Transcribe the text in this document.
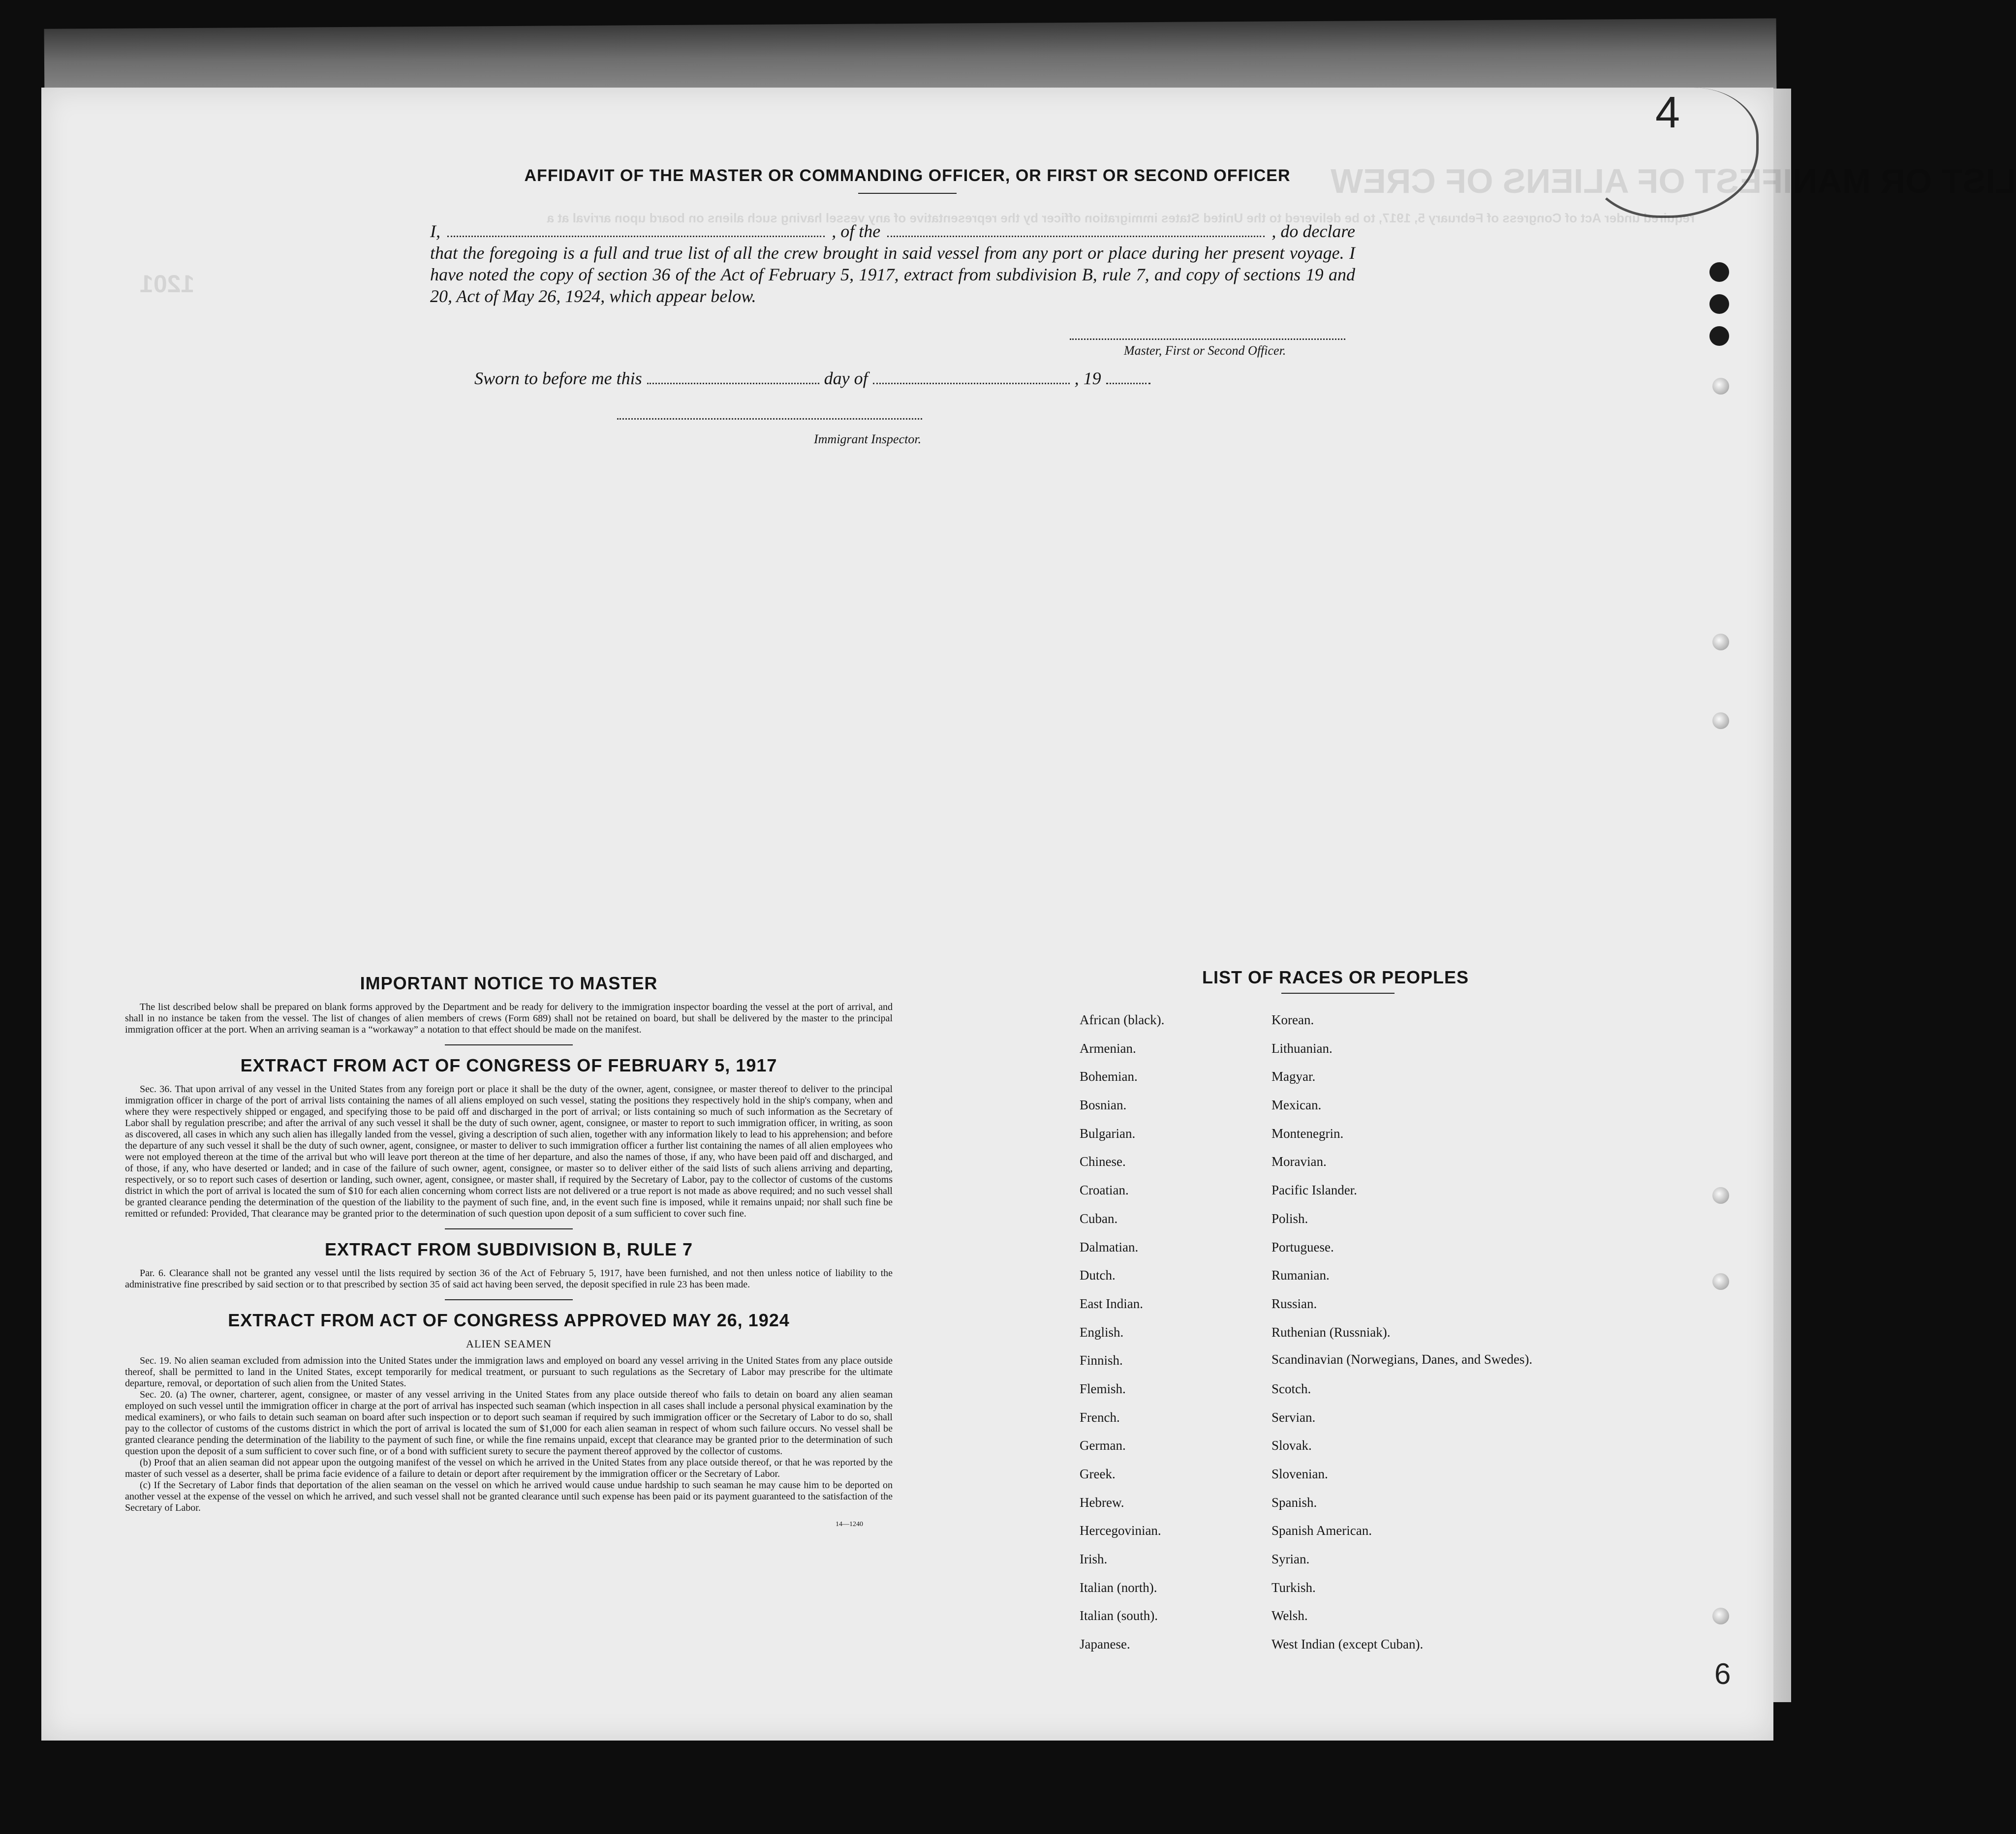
LIST OR MANIFEST OF ALIENS OF CREW
required under Act of Congress of February 5, 1917, to be delivered to the United States immigration officer by the representative of any vessel having such aliens on board upon arrival at a
1201
AFFIDAVIT OF THE MASTER OR COMMANDING OFFICER, OR FIRST OR SECOND OFFICER
I,	, of the	, do declare
that the foregoing is a full and true list of all the crew brought in said vessel from any port or place during her present voyage. I have noted the copy of section 36 of the Act of February 5, 1917, extract from subdivision B, rule 7, and copy of sections 19 and 20, Act of May 26, 1924, which appear below.
Master, First or Second Officer.
Sworn to before me this	day of	, 19
Immigrant Inspector.
IMPORTANT NOTICE TO MASTER

The list described below shall be prepared on blank forms approved by the Department and be ready for delivery to the immigration inspector boarding the vessel at the port of arrival, and shall in no instance be taken from the vessel. The list of changes of alien members of crews (Form 689) shall not be retained on board, but shall be delivered by the master to the principal immigration officer at the port. When an arriving seaman is a “workaway” a notation to that effect should be made on the manifest.

EXTRACT FROM ACT OF CONGRESS OF FEBRUARY 5, 1917

Sec. 36. That upon arrival of any vessel in the United States from any foreign port or place it shall be the duty of the owner, agent, consignee, or master thereof to deliver to the principal immigration officer in charge of the port of arrival lists containing the names of all aliens employed on such vessel, stating the positions they respectively hold in the ship's company, when and where they were respectively shipped or engaged, and specifying those to be paid off and discharged in the port of arrival; or lists containing so much of such information as the Secretary of Labor shall by regulation prescribe; and after the arrival of any such vessel it shall be the duty of such owner, agent, consignee, or master to report to such immigration officer, in writing, as soon as discovered, all cases in which any such alien has illegally landed from the vessel, giving a description of such alien, together with any information likely to lead to his apprehension; and before the departure of any such vessel it shall be the duty of such owner, agent, consignee, or master to deliver to such immigration officer a further list containing the names of all alien employees who were not employed thereon at the time of the arrival but who will leave port thereon at the time of her departure, and also the names of those, if any, who have been paid off and discharged, and of those, if any, who have deserted or landed; and in case of the failure of such owner, agent, consignee, or master so to deliver either of the said lists of such aliens arriving and departing, respectively, or so to report such cases of desertion or landing, such owner, agent, consignee, or master shall, if required by the Secretary of Labor, pay to the collector of customs of the customs district in which the port of arrival is located the sum of $10 for each alien concerning whom correct lists are not delivered or a true report is not made as above required; and no such vessel shall be granted clearance pending the determination of the question of the liability to the payment of such fine, and, in the event such fine is imposed, while it remains unpaid; nor shall such fine be remitted or refunded: Provided, That clearance may be granted prior to the determination of such question upon deposit of a sum sufficient to cover such fine.

EXTRACT FROM SUBDIVISION B, RULE 7

Par. 6. Clearance shall not be granted any vessel until the lists required by section 36 of the Act of February 5, 1917, have been furnished, and not then unless notice of liability to the administrative fine prescribed by said section or to that prescribed by section 35 of said act having been served, the deposit specified in rule 23 has been made.

EXTRACT FROM ACT OF CONGRESS APPROVED MAY 26, 1924
ALIEN SEAMEN

Sec. 19. No alien seaman excluded from admission into the United States under the immigration laws and employed on board any vessel arriving in the United States from any place outside thereof, shall be permitted to land in the United States, except temporarily for medical treatment, or pursuant to such regulations as the Secretary of Labor may prescribe for the ultimate departure, removal, or deportation of such alien from the United States.

Sec. 20. (a) The owner, charterer, agent, consignee, or master of any vessel arriving in the United States from any place outside thereof who fails to detain on board any alien seaman employed on such vessel until the immigration officer in charge at the port of arrival has inspected such seaman (which inspection in all cases shall include a personal physical examination by the medical examiners), or who fails to detain such seaman on board after such inspection or to deport such seaman if required by such immigration officer or the Secretary of Labor to do so, shall pay to the collector of customs of the customs district in which the port of arrival is located the sum of $1,000 for each alien seaman in respect of whom such failure occurs. No vessel shall be granted clearance pending the determination of the liability to the payment of such fine, or while the fine remains unpaid, except that clearance may be granted prior to the determination of such question upon the deposit of a sum sufficient to cover such fine, or of a bond with sufficient surety to secure the payment thereof approved by the collector of customs.

(b) Proof that an alien seaman did not appear upon the outgoing manifest of the vessel on which he arrived in the United States from any place outside thereof, or that he was reported by the master of such vessel as a deserter, shall be prima facie evidence of a failure to detain or deport after requirement by the immigration officer or the Secretary of Labor.

(c) If the Secretary of Labor finds that deportation of the alien seaman on the vessel on which he arrived would cause undue hardship to such seaman he may cause him to be deported on another vessel at the expense of the vessel on which he arrived, and such vessel shall not be granted clearance until such expense has been paid or its payment guaranteed to the satisfaction of the Secretary of Labor.

14—1240
LIST OF RACES OR PEOPLES
African (black).	Korean.
Armenian.	Lithuanian.
Bohemian.	Magyar.
Bosnian.	Mexican.
Bulgarian.	Montenegrin.
Chinese.	Moravian.
Croatian.	Pacific Islander.
Cuban.	Polish.
Dalmatian.	Portuguese.
Dutch.	Rumanian.
East Indian.	Russian.
English.	Ruthenian (Russniak).
Finnish.	Scandinavian (Norwegians, Danes, and Swedes).
Flemish.	Scotch.
French.	Servian.
German.	Slovak.
Greek.	Slovenian.
Hebrew.	Spanish.
Hercegovinian.	Spanish American.
Irish.	Syrian.
Italian (north).	Turkish.
Italian (south).	Welsh.
Japanese.	West Indian (except Cuban).
4
6
